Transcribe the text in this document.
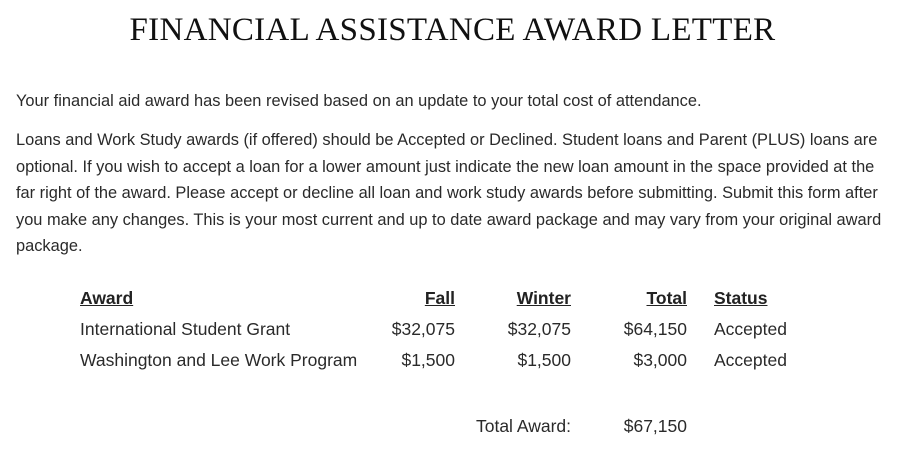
FINANCIAL ASSISTANCE AWARD LETTER

Your financial aid award has been revised based on an update to your total cost of attendance.

Loans and Work Study awards (if offered) should be Accepted or Declined. Student loans and Parent (PLUS) loans are optional. If you wish to accept a loan for a lower amount just indicate the new loan amount in the space provided at the far right of the award. Please accept or decline all loan and work study awards before submitting. Submit this form after you make any changes. This is your most current and up to date award package and may vary from your original award package.

Award	Fall	Winter	Total Status
International Student Grant	$32,075	$32,075	$64,150 Accepted
Washington and Lee Work Program	$1,500	$1,500	$3,000 Accepted
Total Award:	$67,150
